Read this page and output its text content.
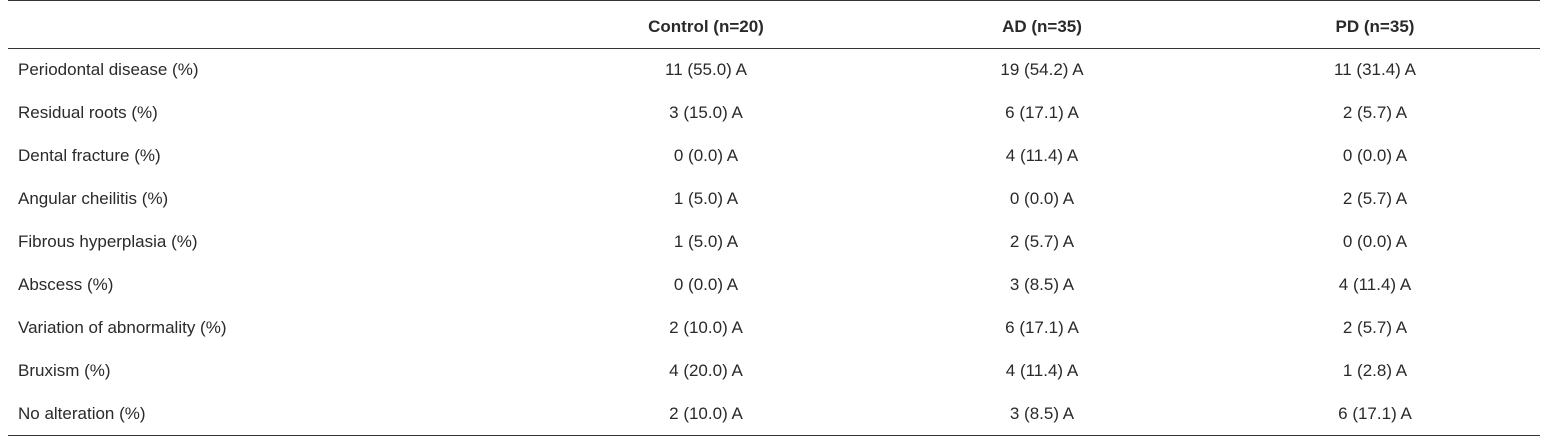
	Control (n=20)	AD (n=35)	PD (n=35)
Periodontal disease (%)	11 (55.0) A	19 (54.2) A	11 (31.4) A
Residual roots (%)	3 (15.0) A	6 (17.1) A	2 (5.7) A
Dental fracture (%)	0 (0.0) A	4 (11.4) A	0 (0.0) A
Angular cheilitis (%)	1 (5.0) A	0 (0.0) A	2 (5.7) A
Fibrous hyperplasia (%)	1 (5.0) A	2 (5.7) A	0 (0.0) A
Abscess (%)	0 (0.0) A	3 (8.5) A	4 (11.4) A
Variation of abnormality (%)	2 (10.0) A	6 (17.1) A	2 (5.7) A
Bruxism (%)	4 (20.0) A	4 (11.4) A	1 (2.8) A
No alteration (%)	2 (10.0) A	3 (8.5) A	6 (17.1) A
